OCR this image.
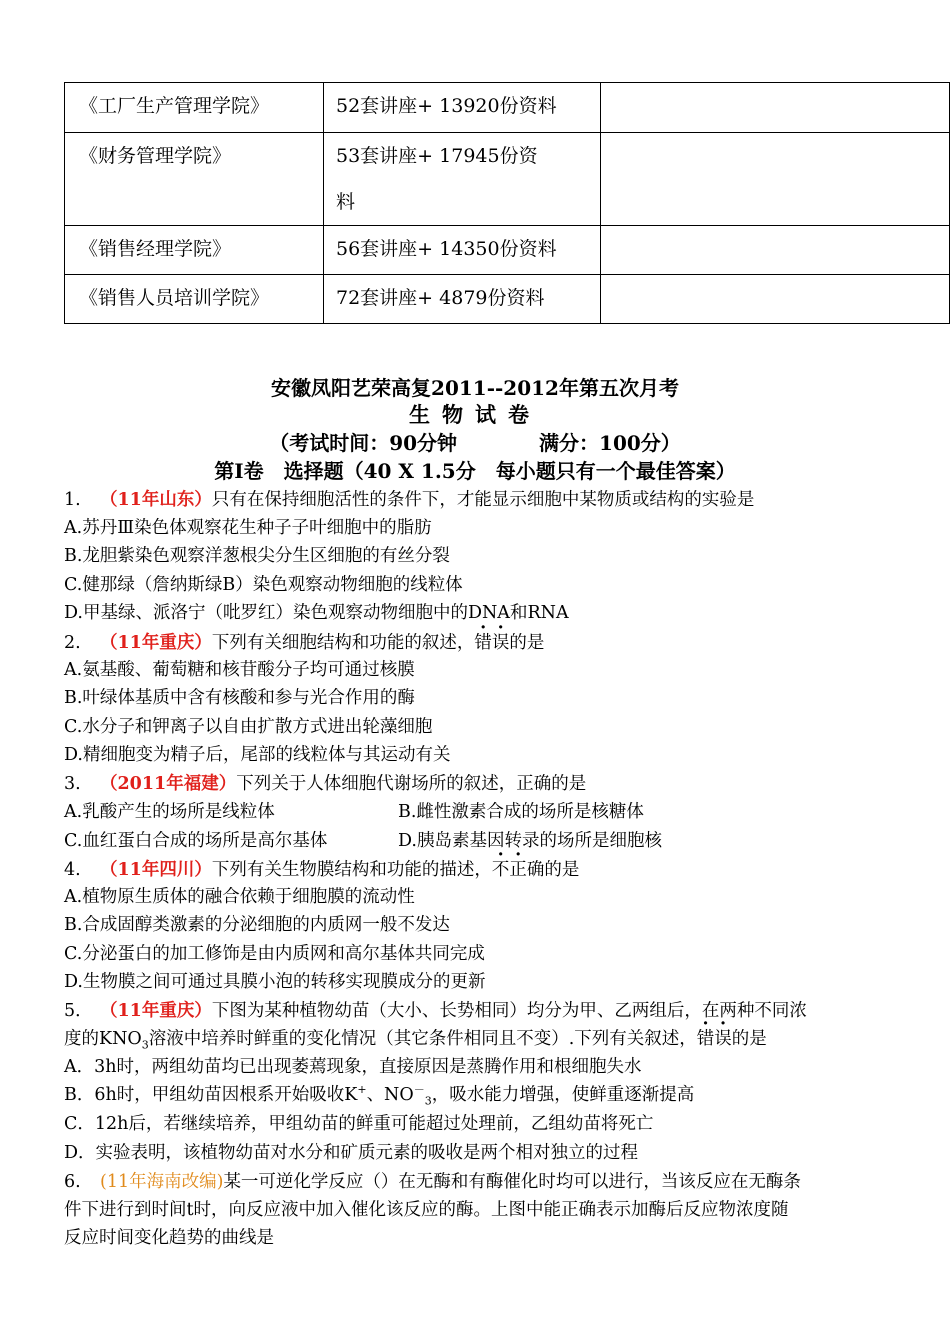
《工厂生产管理学院》	52套讲座+ 13920份资料	
《财务管理学院》	53套讲座+ 17945份资
料	

《销售经理学院》	56套讲座+ 14350份资料	
《销售人员培训学院》	72套讲座+ 4879份资料	
安徽凤阳艺荣高复2011--2012年第五次月考
生物试卷
（考试时间：90分钟	满分：100分）
第Ⅰ卷　选择题（40 X 1.5分　每小题只有一个最佳答案）
1. （11年山东）只有在保持细胞活性的条件下，才能显示细胞中某物质或结构的实验是
A.苏丹Ⅲ染色体观察花生种子子叶细胞中的脂肪
B.龙胆紫染色观察洋葱根尖分生区细胞的有丝分裂
C.健那绿（詹纳斯绿B）染色观察动物细胞的线粒体
D.甲基绿、派洛宁（吡罗红）染色观察动物细胞中的DNA和RNA
2. （11年重庆）下列有关细胞结构和功能的叙述，错误的是
A.氨基酸、葡萄糖和核苷酸分子均可通过核膜
B.叶绿体基质中含有核酸和参与光合作用的酶
C.水分子和钾离子以自由扩散方式进出轮藻细胞
D.精细胞变为精子后，尾部的线粒体与其运动有关
3. （2011年福建）下列关于人体细胞代谢场所的叙述，正确的是
A.乳酸产生的场所是线粒体	B.雌性激素合成的场所是核糖体
C.血红蛋白合成的场所是高尔基体	D.胰岛素基因转录的场所是细胞核
4. （11年四川）下列有关生物膜结构和功能的描述，不正确的是
A.植物原生质体的融合依赖于细胞膜的流动性
B.合成固醇类激素的分泌细胞的内质网一般不发达
C.分泌蛋白的加工修饰是由内质网和高尔基体共同完成
D.生物膜之间可通过具膜小泡的转移实现膜成分的更新
5． （11年重庆）下图为某种植物幼苗（大小、长势相同）均分为甲、乙两组后，在两种不同浓
度的$KNO_3$溶液中培养时鲜重的变化情况（其它条件相同且不变）.下列有关叙述，错误的是
A．3h时，两组幼苗均已出现萎蔫现象，直接原因是蒸腾作用和根细胞失水
B．6h时，甲组幼苗因根系开始吸收K+、$NO^-_3$，吸水能力增强，使鲜重逐渐提高
C．12h后，若继续培养，甲组幼苗的鲜重可能超过处理前，乙组幼苗将死亡
D．实验表明，该植物幼苗对水分和矿质元素的吸收是两个相对独立的过程
6. (11年海南改编)某一可逆化学反应（）在无酶和有酶催化时均可以进行，当该反应在无酶条
件下进行到时间t时，向反应液中加入催化该反应的酶。上图中能正确表示加酶后反应物浓度随
反应时间变化趋势的曲线是
